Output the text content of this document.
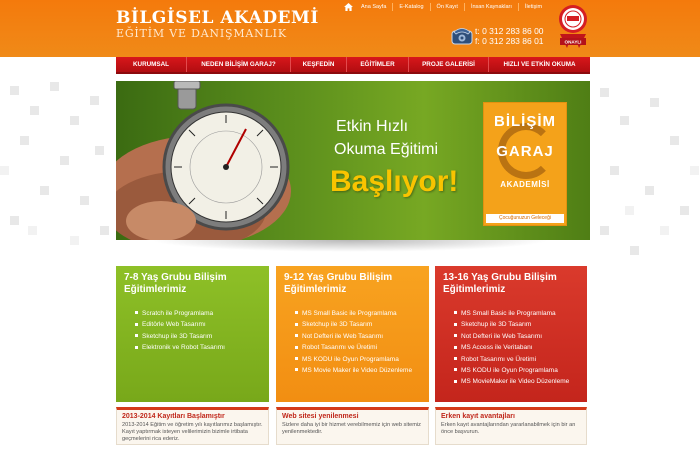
BİLGİSEL AKADEMİ
EĞİTİM VE DANIŞMANLIK
Ana Sayfa	E-Katalog	Ön Kayıt	İnsan Kaynakları	İletişim
t: 0 312 283 86 00
f: 0 312 283 86 01	ONAYLI
KURUMSAL	NEDEN BİLİŞİM GARAJ?	KEŞFEDİN	EĞİTİMLER	PROJE GALERİSİ	HIZLI VE ETKİN OKUMA
Etkin Hızlı
Okuma Eğitimi
Başlıyor!
BİLİŞİM
GARAJ
AKADEMİSİ
Çocuğunuzun Geleceği
7-8 Yaş Grubu Bilişim Eğitimlerimiz
Scratch ile Programlama
Editörle Web Tasarımı
Sketchup ile 3D Tasarım
Elektronik ve Robot Tasarımı
9-12 Yaş Grubu Bilişim Eğitimlerimiz
MS Small Basic ile Programlama
Sketchup ile 3D Tasarım
Not Defteri ile Web Tasarımı
Robot Tasarımı ve Üretimi
MS KODU ile Oyun Programlama
MS Movie Maker ile Video Düzenleme
13-16 Yaş Grubu Bilişim Eğitimlerimiz
MS Small Basic ile Programlama
Sketchup ile 3D Tasarım
Not Defteri ile Web Tasarımı
MS Access ile Veritabanı
Robot Tasarımı ve Üretimi
MS KODU ile Oyun Programlama
MS MovieMaker ile Video Düzenleme
2013-2014 Kayıtları Başlamıştır
2013-2014 Eğitim ve öğretim yılı kayıtlarımız başlamıştır. Kayıt yaptırmak isteyen velilerimizin bizimle irtibata geçmelerini rica ederiz.
Web sitesi yenilenmesi
Sizlere daha iyi bir hizmet verebilmemiz için web sitemiz yenilenmektedir.
Erken kayıt avantajları
Erken kayıt avantajlarından yararlanabilmek için bir an önce başvurun.
